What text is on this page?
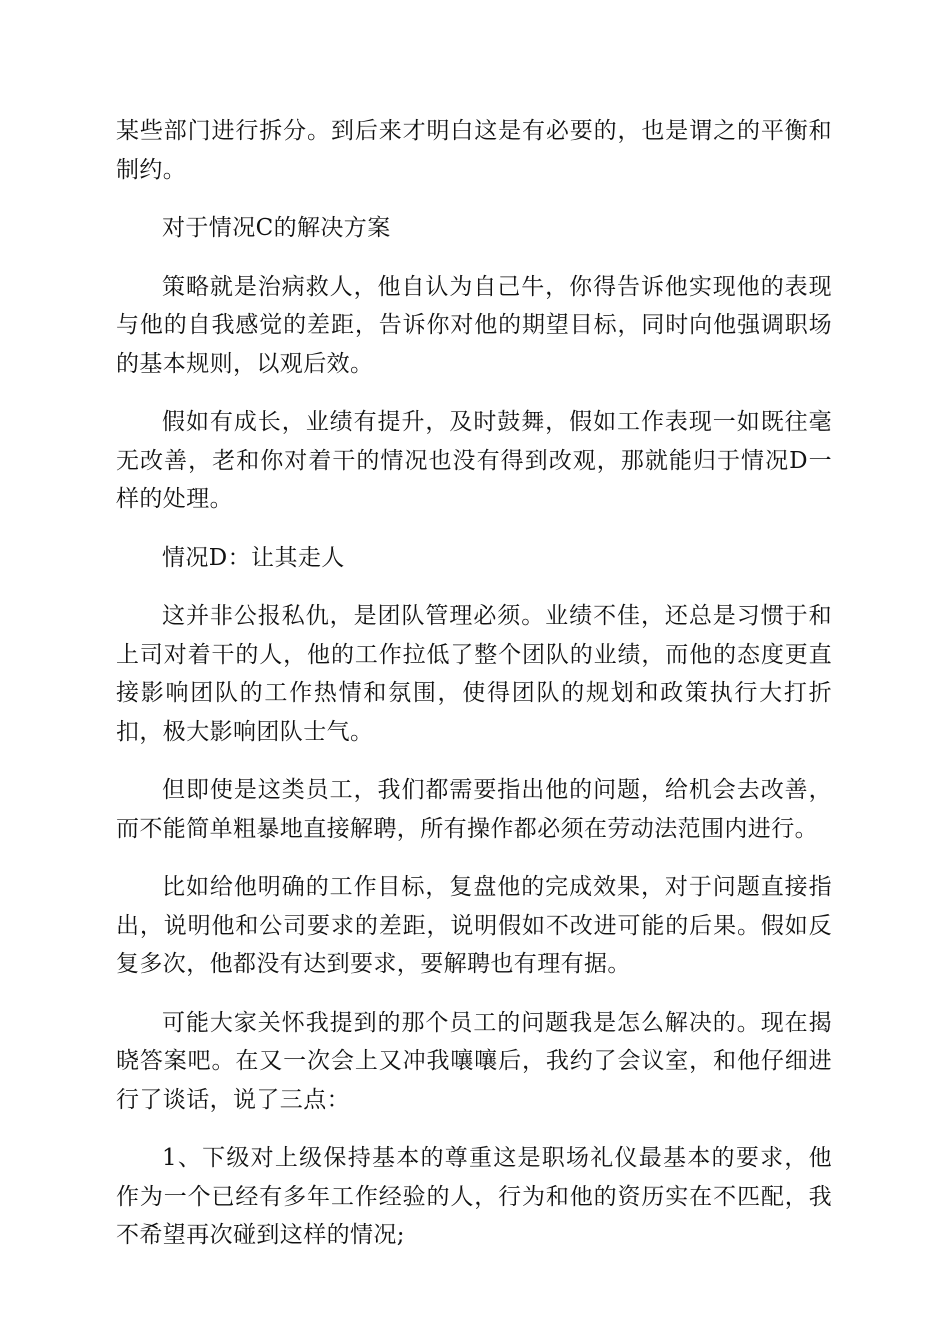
某些部门进行拆分。到后来才明白这是有必要的，也是谓之的平衡和制约。

对于情况C的解决方案

策略就是治病救人，他自认为自己牛，你得告诉他实现他的表现与他的自我感觉的差距，告诉你对他的期望目标，同时向他强调职场的基本规则，以观后效。

假如有成长，业绩有提升，及时鼓舞，假如工作表现一如既往毫无改善，老和你对着干的情况也没有得到改观，那就能归于情况D一样的处理。

情况D：让其走人

这并非公报私仇，是团队管理必须。业绩不佳，还总是习惯于和上司对着干的人，他的工作拉低了整个团队的业绩，而他的态度更直接影响团队的工作热情和氛围，使得团队的规划和政策执行大打折扣，极大影响团队士气。

但即使是这类员工，我们都需要指出他的问题，给机会去改善，而不能简单粗暴地直接解聘，所有操作都必须在劳动法范围内进行。

比如给他明确的工作目标，复盘他的完成效果，对于问题直接指出，说明他和公司要求的差距，说明假如不改进可能的后果。假如反复多次，他都没有达到要求，要解聘也有理有据。

可能大家关怀我提到的那个员工的问题我是怎么解决的。现在揭晓答案吧。在又一次会上又冲我嚷嚷后，我约了会议室，和他仔细进行了谈话，说了三点：

1、下级对上级保持基本的尊重这是职场礼仪最基本的要求，他作为一个已经有多年工作经验的人，行为和他的资历实在不匹配，我不希望再次碰到这样的情况;
